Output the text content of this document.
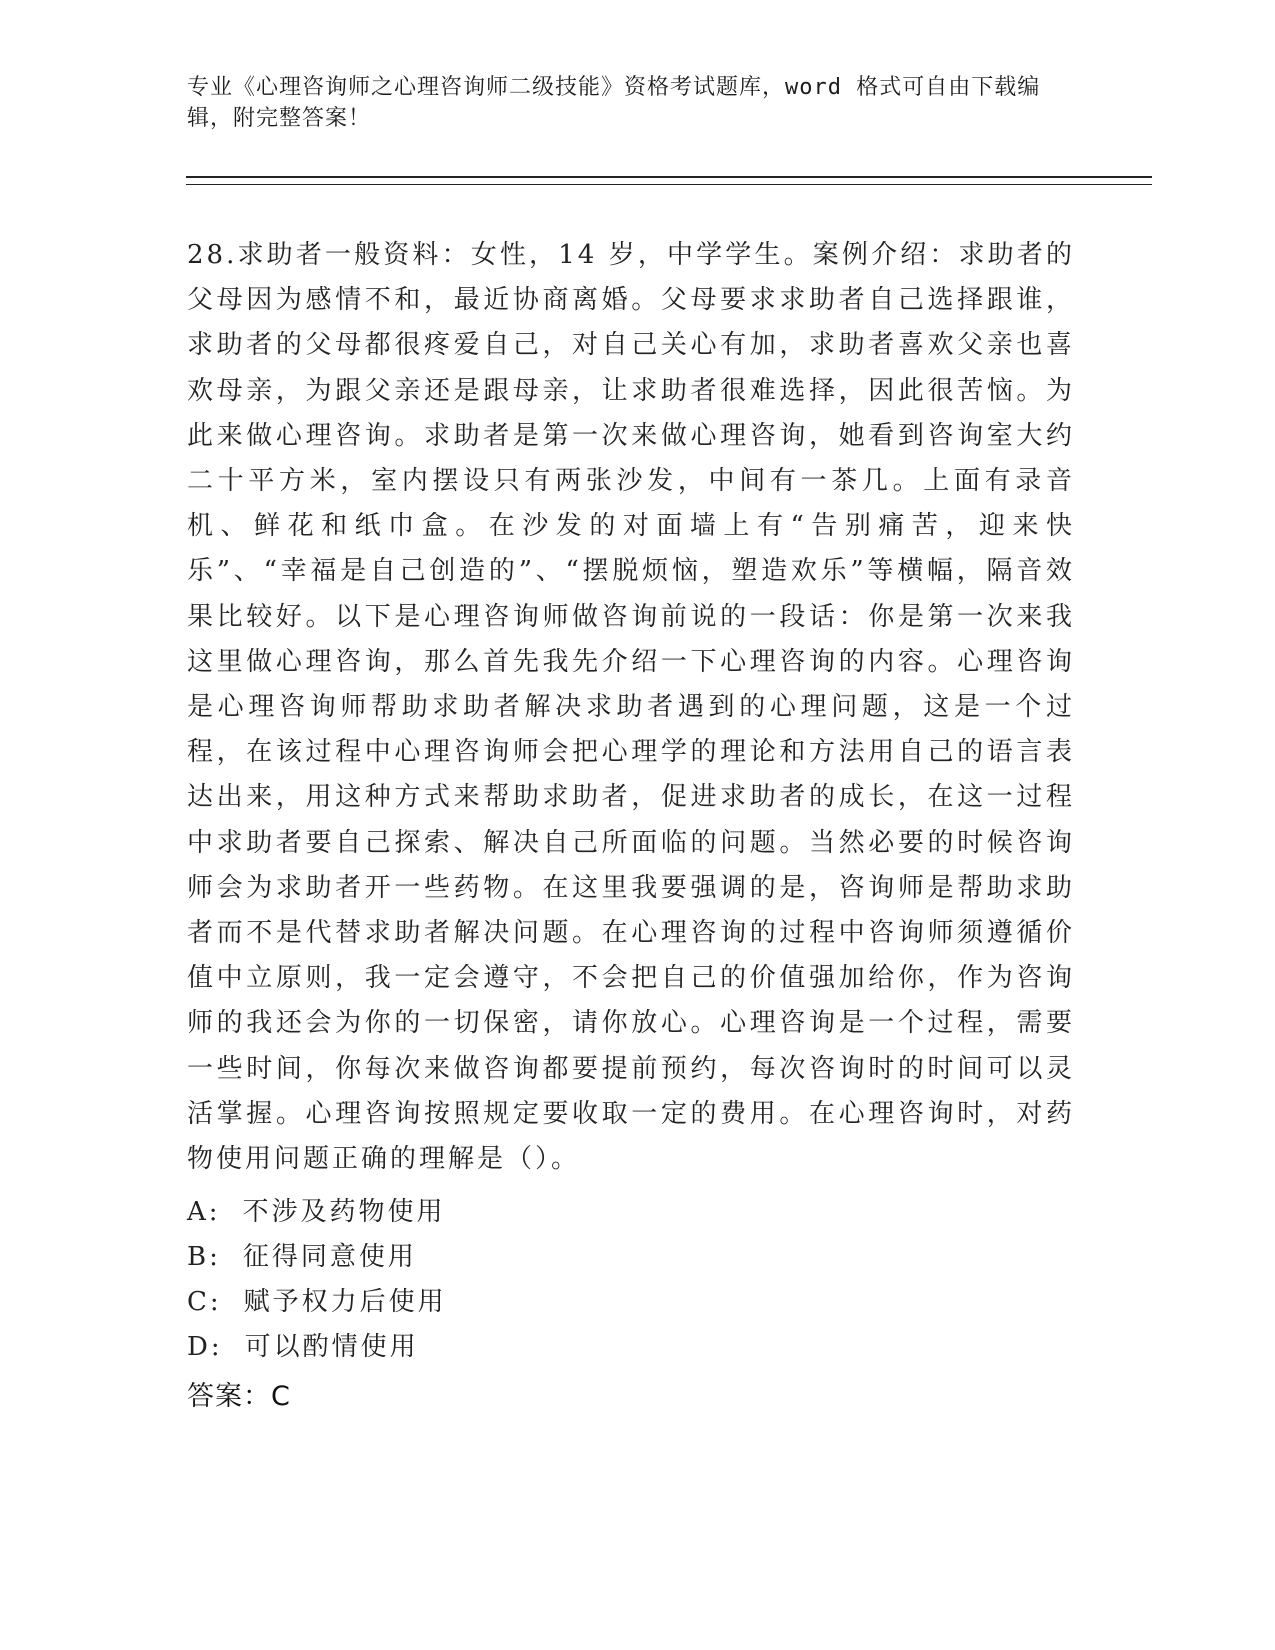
专业《心理咨询师之心理咨询师二级技能》资格考试题库，word 格式可自由下载编辑，附完整答案！

28.求助者一般资料：女性，14 岁，中学学生。案例介绍：求助者的父母因为感情不和，最近协商离婚。父母要求求助者自己选择跟谁，求助者的父母都很疼爱自己，对自己关心有加，求助者喜欢父亲也喜欢母亲，为跟父亲还是跟母亲，让求助者很难选择，因此很苦恼。为此来做心理咨询。求助者是第一次来做心理咨询，她看到咨询室大约二十平方米，室内摆设只有两张沙发，中间有一茶几。上面有录音机、鲜花和纸巾盒。在沙发的对面墙上有“告别痛苦，迎来快乐”、“幸福是自己创造的”、“摆脱烦恼，塑造欢乐”等横幅，隔音效果比较好。以下是心理咨询师做咨询前说的一段话：你是第一次来我这里做心理咨询，那么首先我先介绍一下心理咨询的内容。心理咨询是心理咨询师帮助求助者解决求助者遇到的心理问题，这是一个过程，在该过程中心理咨询师会把心理学的理论和方法用自己的语言表达出来，用这种方式来帮助求助者，促进求助者的成长，在这一过程中求助者要自己探索、解决自己所面临的问题。当然必要的时候咨询师会为求助者开一些药物。在这里我要强调的是，咨询师是帮助求助者而不是代替求助者解决问题。在心理咨询的过程中咨询师须遵循价值中立原则，我一定会遵守，不会把自己的价值强加给你，作为咨询师的我还会为你的一切保密，请你放心。心理咨询是一个过程，需要一些时间，你每次来做咨询都要提前预约，每次咨询时的时间可以灵活掌握。心理咨询按照规定要收取一定的费用。在心理咨询时，对药物使用问题正确的理解是（）。

A: 不涉及药物使用
B: 征得同意使用
C: 赋予权力后使用
D: 可以酌情使用
答案：C
